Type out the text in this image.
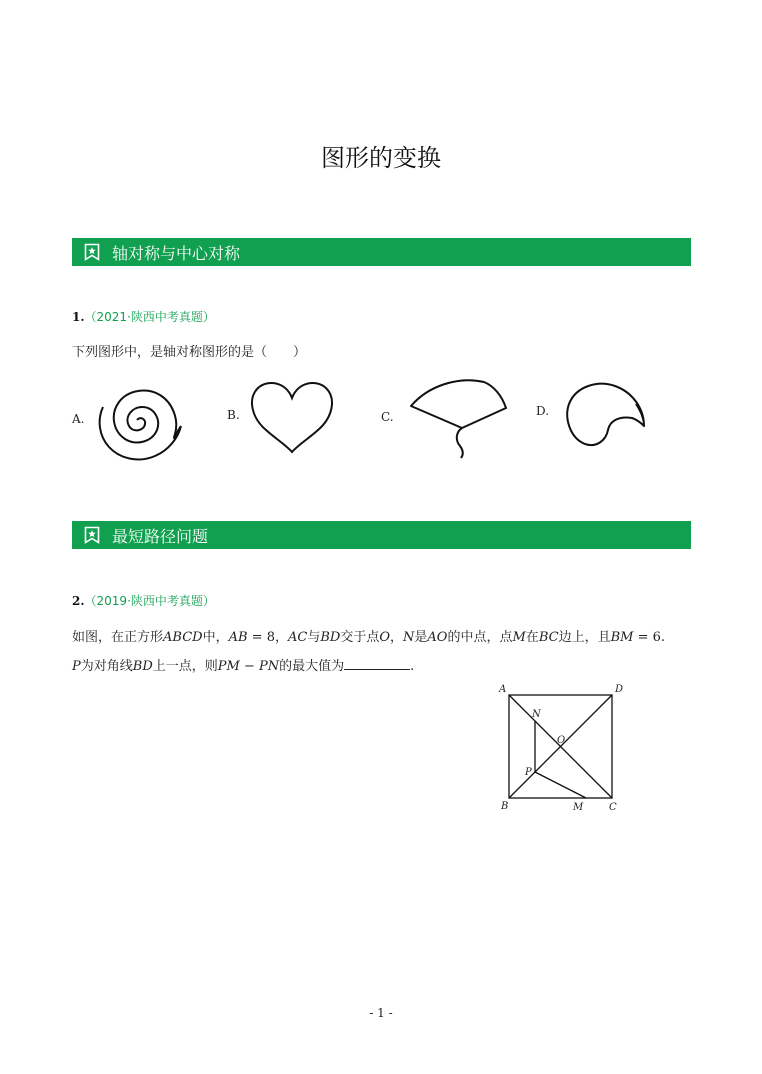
图形的变换
轴对称与中心对称
1.（2021·陕西中考真题）
下列图形中，是轴对称图形的是（　　）
A.	B.	C.	D.
最短路径问题
2.（2019·陕西中考真题）
如图，在正方形ABCD中，AB = 8，AC与BD交于点O，N是AO的中点，点M在BC边上，且BM = 6.
P为对角线BD上一点，则PM − PN的最大值为	.
A	D
B	C
N
O
P
M
- 1 -
